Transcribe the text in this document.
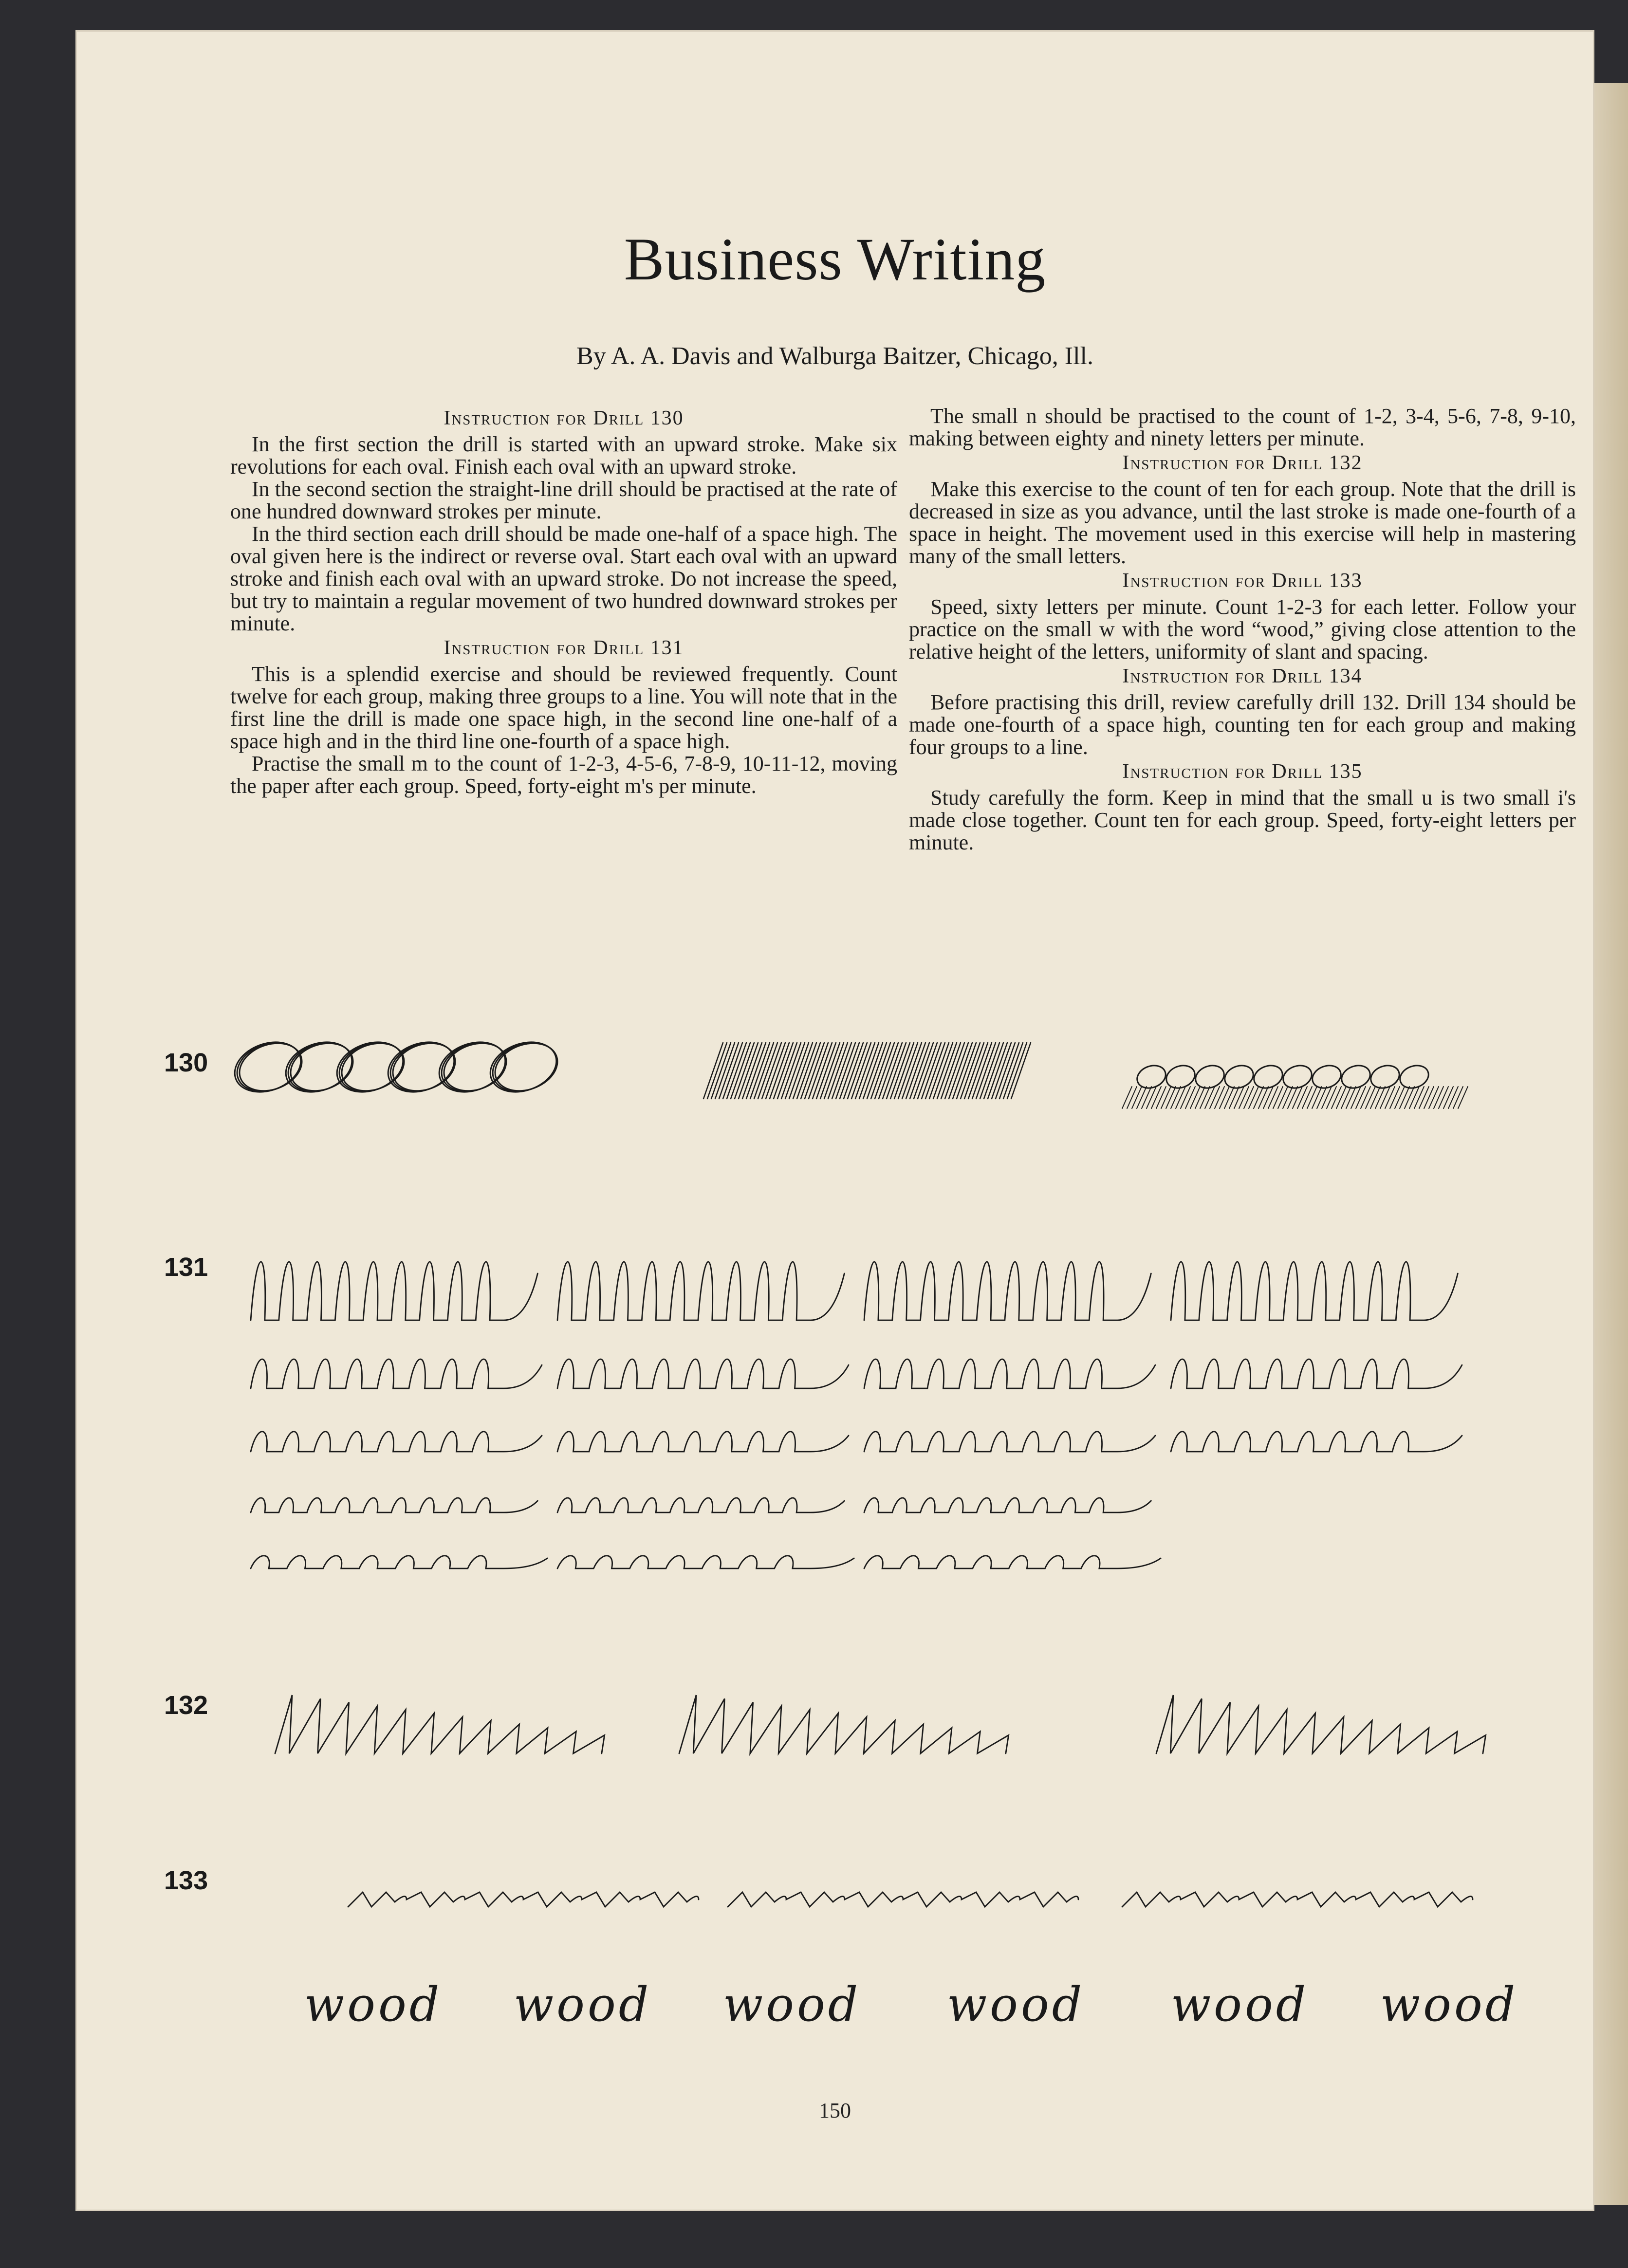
Business Writing
By A. A. Davis and Walburga Baitzer, Chicago, Ill.
Instruction for Drill 130

In the first section the drill is started with an upward stroke. Make six revolutions for each oval. Finish each oval with an upward stroke.

In the second section the straight-line drill should be practised at the rate of one hundred downward strokes per minute.

In the third section each drill should be made one-half of a space high. The oval given here is the indirect or reverse oval. Start each oval with an upward stroke and finish each oval with an upward stroke. Do not increase the speed, but try to maintain a regular movement of two hundred downward strokes per minute.

Instruction for Drill 131

This is a splendid exercise and should be reviewed frequently. Count twelve for each group, making three groups to a line. You will note that in the first line the drill is made one space high, in the second line one-half of a space high and in the third line one-fourth of a space high.

Practise the small m to the count of 1-2-3, 4-5-6, 7-8-9, 10-11-12, moving the paper after each group. Speed, forty-eight m's per minute.

The small n should be practised to the count of 1-2, 3-4, 5-6, 7-8, 9-10, making between eighty and ninety letters per minute.

Instruction for Drill 132

Make this exercise to the count of ten for each group. Note that the drill is decreased in size as you advance, until the last stroke is made one-fourth of a space in height. The movement used in this exercise will help in mastering many of the small letters.

Instruction for Drill 133

Speed, sixty letters per minute. Count 1-2-3 for each letter. Follow your practice on the small w with the word “wood,” giving close attention to the relative height of the letters, uniformity of slant and spacing.

Instruction for Drill 134

Before practising this drill, review carefully drill 132. Drill 134 should be made one-fourth of a space high, counting ten for each group and making four groups to a line.

Instruction for Drill 135

Study carefully the form. Keep in mind that the small u is two small i's made close together. Count ten for each group. Speed, forty-eight letters per minute.

130
131
132
133
150
wood wood wood wood wood wood
